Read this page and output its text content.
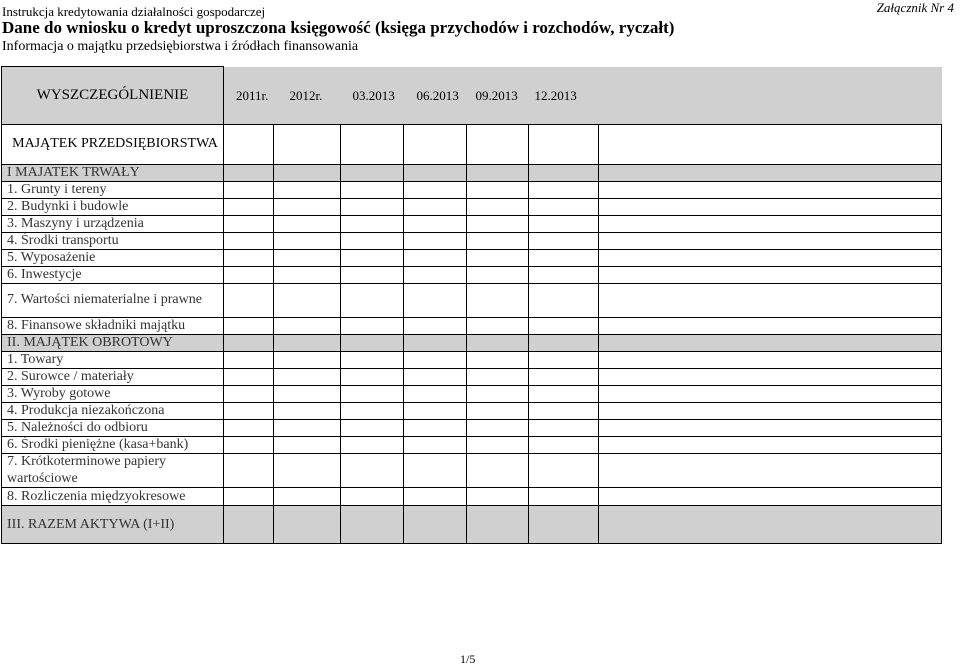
Instrukcja kredytowania działalności gospodarczej	Załącznik Nr 4
Dane do wniosku o kredyt uproszczona księgowość (księga przychodów i rozchodów, ryczałt)
Informacja o majątku przedsiębiorstwa i źródłach finansowania
WYSZCZEGÓLNIENIE	2011r.	2012r.	03.2013	06.2013	09.2013	12.2013	
MAJĄTEK PRZEDSIĘBIORSTWA							
I MAJATEK TRWAŁY							
1. Grunty i tereny							
2. Budynki i budowle							
3. Maszyny i urządzenia							
4. Środki transportu							
5. Wyposażenie							
6. Inwestycje							
7. Wartości niematerialne i prawne							
8. Finansowe składniki majątku							
II. MAJĄTEK OBROTOWY							
1. Towary							
2. Surowce / materiały							
3. Wyroby gotowe							
4. Produkcja niezakończona							
5. Należności do odbioru							
6. Środki pieniężne (kasa+bank)							
7. Krótkoterminowe papiery wartościowe							
8. Rozliczenia międzyokresowe							
III. RAZEM AKTYWA (I+II)							
1/5
